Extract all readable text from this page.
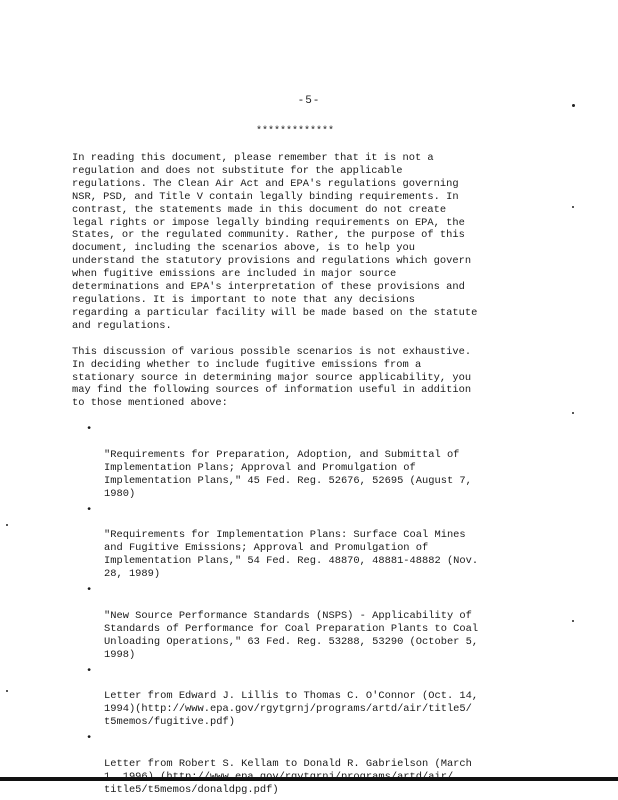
-5-
*************

In reading this document, please remember that it is not a
regulation and does not substitute for the applicable
regulations. The Clean Air Act and EPA's regulations governing
NSR, PSD, and Title V contain legally binding requirements. In
contrast, the statements made in this document do not create
legal rights or impose legally binding requirements on EPA, the
States, or the regulated community. Rather, the purpose of this
document, including the scenarios above, is to help you
understand the statutory provisions and regulations which govern
when fugitive emissions are included in major source
determinations and EPA's interpretation of these provisions and
regulations. It is important to note that any decisions
regarding a particular facility will be made based on the statute
and regulations.

This discussion of various possible scenarios is not exhaustive.
In deciding whether to include fugitive emissions from a
stationary source in determining major source applicability, you
may find the following sources of information useful in addition
to those mentioned above:

•

"Requirements for Preparation, Adoption, and Submittal of
Implementation Plans; Approval and Promulgation of
Implementation Plans," 45 Fed. Reg. 52676, 52695 (August 7,
1980)

•

"Requirements for Implementation Plans: Surface Coal Mines
and Fugitive Emissions; Approval and Promulgation of
Implementation Plans," 54 Fed. Reg. 48870, 48881-48882 (Nov.
28, 1989)

•

"New Source Performance Standards (NSPS) - Applicability of
Standards of Performance for Coal Preparation Plants to Coal
Unloading Operations," 63 Fed. Reg. 53288, 53290 (October 5,
1998)

•

Letter from Edward J. Lillis to Thomas C. O'Connor (Oct. 14,
1994)(http://www.epa.gov/rgytgrnj/programs/artd/air/title5/
t5memos/fugitive.pdf)

•

Letter from Robert S. Kellam to Donald R. Gabrielson (March

title5/t5memos/donaldpg.pdf)
